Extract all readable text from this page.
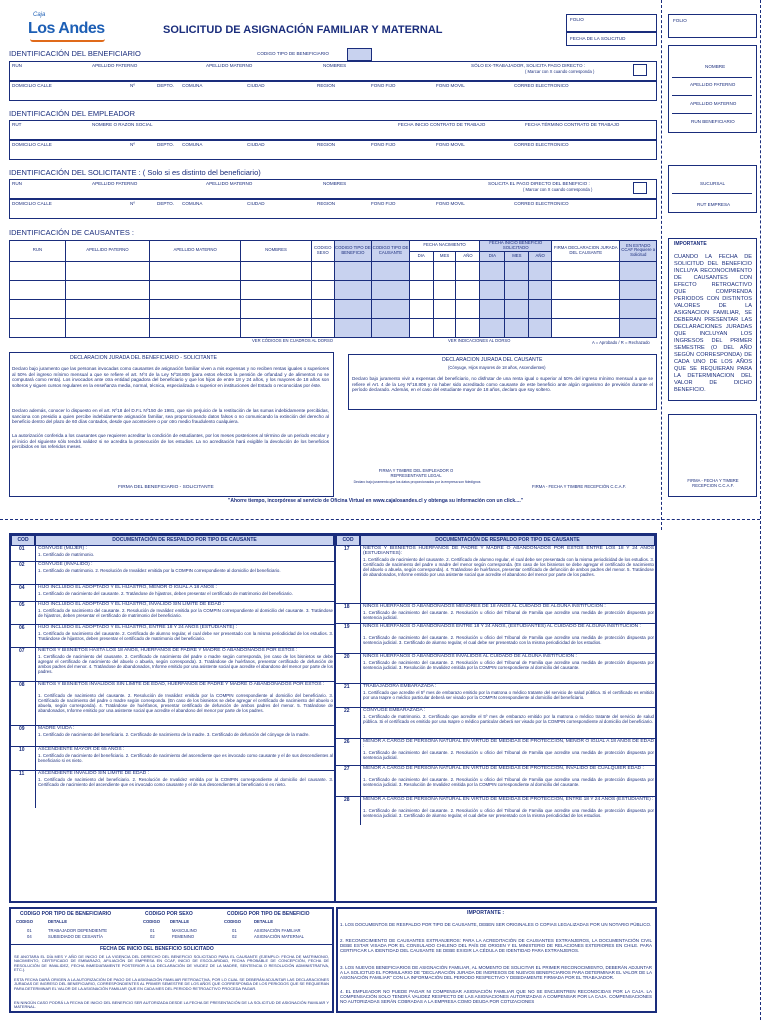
Caja
Los Andes	SOLICITUD DE ASIGNACIÓN FAMILIAR Y MATERNAL
FOLIO
FECHA DE LA SOLICITUD
FOLIO
NOMBRE
APELLIDO PATERNO
APELLIDO MATERNO
RUN BENEFICIARIO
SUCURSAL
RUT EMPRESA
IMPORTANTE
CUANDO LA FECHA DE SOLICITUD DEL BENEFICIO INCLUYA RECONOCIMIENTO DE CAUSANTES CON EFECTO RETROACTIVO QUE COMPRENDA PERIODOS CON DISTINTOS VALORES DE LA ASIGNACION FAMILIAR, SE DEBERAN PRESENTAR LAS DECLARACIONES JURADAS QUE INCLUYAN LOS INGRESOS DEL PRIMER SEMESTRE (O DEL AÑO SEGÚN CORRESPONDA) DE CADA UNO DE LOS AÑOS QUE SE REQUIERAN PARA LA DETERMINACION DEL VALOR DE DICHO BENEFICIO.
FIRMA - FECHA Y TIMBRE RECEPCION C.C.A.F.
IDENTIFICACIÓN DEL BENEFICIARIO	CODIGO TIPO DE BENEFICIARIO
RUN	APELLIDO PATERNO	APELLIDO MATERNO	NOMBRES	SÓLO EX-TRABAJADOR, SOLICITA PAGO DIRECTO :
( Marcar con X cuando corresponda )
DOMICILIO CALLE	Nº	DEPTO. COMUNA	CIUDAD	REGION	FONO FIJO	FONO MOVIL	CORREO ELECTRONICO
IDENTIFICACIÓN DEL EMPLEADOR
RUT	NOMBRE O RAZON SOCIAL	FECHA INICIO CONTRATO DE TRABAJO	FECHA TÉRMINO CONTRATO DE TRABAJO
DOMICILIO CALLE	Nº	DEPTO. COMUNA	CIUDAD	REGION	FONO FIJO	FONO MOVIL	CORREO ELECTRONICO
IDENTIFICACIÓN DEL SOLICITANTE : ( Solo si es distinto del beneficiario)
RUN	APELLIDO PATERNO	APELLIDO MATERNO	NOMBRES	SOLICITA EL PAGO DIRECTO DEL BENEFICIO :
( Marcar con X cuando corresponda )
DOMICILIO CALLE	Nº	DEPTO. COMUNA	CIUDAD	REGION	FONO FIJO	FONO MOVIL	CORREO ELECTRONICO
IDENTIFICACIÓN DE CAUSANTES :
RUN	APELLIDO PATERNO	APELLIDO MATERNO	NOMBRES	CODIGO SEXO	CODIGO TIPO DE BENEFICIO	CODIGO TIPO DE CAUSANTE	FECHA NACIMIENTO			FECHA INICIO BENEFICIO SOLICITADO			FIRMA DECLARACION JURADA DEL CAUSANTE	EN ESTADO CCAF Requiere a Solicitud
							DIA	MES	AÑO	DIA	MES	AÑO		

VER CÓDIGOS EN CUADROS AL DORSO	VER INDICACIONES AL DORSO	A = Aprobado / R = Rechazado
DECLARACION JURADA DEL BENEFICIARIO - SOLICITANTE
Declaro bajo juramento que las personas invocadas como causantes de asignación familiar viven a mis expensas y no reciben rentas iguales o superiores al 50% del ingreso mínimo mensual a que se refiere el art. Nº4 de la Ley Nº18.806 (para estos efectos la pensión de orfandad y de alimentos no se computará como renta). Los invocados ante otra entidad pagadora del beneficiario y que los hijos de entre 18 y 24 años, y los mayores de 18 años son solteros y siguen cursos regulares en la enseñanza media, normal, técnica, especializada o superior en instituciones del Estado o reconocidas por éste.
Declaro además, conocer lo dispuesto en el art. Nº18 del D.F.L Nº150 de 1981, que sin perjuicio de la restitución de las sumas indebidamente percibidas, sanciona con presidio a quien percibe indebidamente asignación familiar, sea proporcionando datos falsos o no comunicando la extinción del derecho al beneficio dentro del plazo de 60 días contados, desde que aconteciere o por otro medio fraudulento cualquiera.
La autorización conferida a los causantes que requieren acreditar la condición de estudiantes, por los meses posteriores al término de un periodo escolar y el inicio del siguiente sólo tendrá validez si se acredita la prosecución de los estudios. La no acreditación hará exigible la devolución de los beneficios percibidos en los referidos meses.
FIRMA DEL BENEFICIARIO - SOLICITANTE
DECLARACION JURADA DEL CAUSANTE
(Cónyuge, Hijos mayores de 18 años, Ascendientes)
Declaro bajo juramento vivir a expensas del beneficiario, no disfrutar de una renta igual o superior al 50% del ingreso mínimo mensual a que se refiere el Art. 4 de la Ley Nº18.806 y no haber sido acreditado como causante de este beneficio ante algún organismo de previsión durante el período declarado. Además, en el caso del estudiante mayor de 18 años, declaro que soy soltero.
FIRMA Y TIMBRE DEL EMPLEADOR O REPRESENTANTE LEGAL
Declaro bajo juramento que los datos proporcionados por la empresa son fidedignos
FIRMA - FECHA Y TIMBRE RECEPCIÓN C.C.A.F.
"Ahorre tiempo, incorpórese al servicio de Oficina Virtual en www.cajalosandes.cl y obtenga su información con un click...."
COD	DOCUMENTACIÓN DE RESPALDO POR TIPO DE CAUSANTE	COD	DOCUMENTACIÓN DE RESPALDO POR TIPO DE CAUSANTE
01	CONYUGE (MUJER) :
1. Certificado de matrimonio.
02	CONYUGE (INVALIDO) :
1. Certificado de matrimonio. 2. Resolución de Invalidez emitida por la COMPIN correspondiente al domicilio del beneficiario.
04	HIJO INCLUIDO EL ADOPTADO Y EL HIJASTRO, MENOR O IGUAL A 18 AÑOS :
1. Certificado de nacimiento del causante. 2. Tratándose de hijastros, deben presentar el certificado de matrimonio del beneficiario.
05	HIJO INCLUIDO EL ADOPTADO Y EL HIJASTRO, INVALIDO SIN LIMITE DE EDAD :
1. Certificado de nacimiento del causante. 2. Resolución de Invalidez emitida por la COMPIN correspondiente al domicilio del causante. 3. Tratándose de hijastros, deben presentar el certificado de matrimonio del beneficiario.
06	HIJO INCLUIDO EL ADOPTADO Y EL HIJASTRO, ENTRE 18 Y 24 AÑOS (ESTUDIANTE) :
1. Certificado de nacimiento del causante. 2. Certificado de alumno regular, el cual debe ser presentado con la misma periodicidad de los estudios. 3. Tratándose de hijastros, deben presentar el certificado de matrimonio del beneficiario.
07	NIETOS Y BISNIETOS HASTA LOS 18 AÑOS, HUERFANOS DE PADRE Y MADRE O ABANDONADOS POR ESTOS :
1. Certificado de nacimiento del causante. 2. Certificado de nacimiento del padre o madre según corresponda, (en caso de los bisnietos se debe agregar el certificado de nacimiento del abuelo o abuela, según corresponda). 3. Tratándose de huérfanos, presentar certificado de defunción de ambos padres del menor. 4. Tratándose de abandonados, Informe emitido por una asistente social que acredite el abandono del menor por parte de los padres.
08	NIETOS Y BISNIETOS INVALIDOS SIN LIMITE DE EDAD, HUERFANOS DE PADRE Y MADRE O ABANDONADOS POR ESTOS :
1. Certificado de nacimiento del causante. 2. Resolución de Invalidez emitida por la COMPIN correspondiente al domicilio del beneficiario. 3. Certificado de nacimiento del padre o madre según corresponda. (En caso de los bisnietos se debe agregar el certificado de nacimiento del abuelo o abuela, según corresponda). 4. Tratándose de huérfanos, presentar certificado de defunción de ambos padres del menor. 5. Tratándose de abandonados, Informe emitido por una asistente social que acredite el abandono del menor por parte de los padres.
09	MADRE VIUDA :
1. Certificado de nacimiento del beneficiario. 2. Certificado de nacimiento de la madre. 3. Certificado de defunción del cónyuge de la madre.
10	ASCENDIENTE MAYOR DE 65 AÑOS :
1. Certificado de nacimiento del beneficiario. 2. Certificado de nacimiento del ascendiente que es invocado como causante y el de sus descendientes al beneficiario si es nieto.
11	ASCENDIENTE INVALIDO SIN LIMITE DE EDAD :
1. Certificado de nacimiento del beneficiario. 2. Resolución de Invalidez emitida por la COMPIN correspondiente al domicilio del causante. 3. Certificado de nacimiento del ascendiente que es invocado como causante y el de sus descendientes al beneficiario si es nieto.
17	NIETOS Y BISNIETOS HUERFANOS DE PADRE Y MADRE O ABANDONADOS POR ESTOS ENTRE LOS 18 Y 24 AÑOS (ESTUDIANTES):
1. Certificado de nacimiento del causante. 2. Certificado de alumno regular, el cual debe ser presentado con la misma periodicidad de los estudios. 3. Certificado de nacimiento del padre o madre del menor según corresponda. (En caso de los bisnietos se debe agregar el certificado de nacimiento del abuelo o abuela, según corresponda). 4. Tratándose de huérfanos, presentar certificado de defunción de ambos padres del menor. 5. Tratándose de abandonados, Informe emitido por una asistente social que acredite el abandono del menor por parte de los padres.
18	NIÑOS HUERFANOS O ABANDONADOS MENORES DE 18 AÑOS AL CUIDADO DE ALGUNA INSTITUCION :
1. Certificado de nacimiento del causante. 2. Resolución u oficio del Tribunal de Familia que acredite una medida de protección dispuesta por sentencia judicial.
19	NIÑOS HUERFANOS O ABANDONADOS ENTRE 18 Y 24 AÑOS, (ESTUDIANTES) AL CUIDADO DE ALGUNA INSTITUCION :
1. Certificado de nacimiento del causante. 2. Resolución u oficio del Tribunal de Familia que acredite una medida de protección dispuesta por sentencia judicial. 3. Certificado de alumno regular, el cual debe ser presentado con la misma periodicidad de los estudios.
20	NIÑOS HUERFANOS O ABANDONADOS INVALIDOS AL CUIDADO DE ALGUNA INSTITUCION :
1. Certificado de nacimiento del causante. 2. Resolución u oficio del Tribunal de Familia que acredite una medida de protección dispuesta por sentencia judicial. 3. Resolución de Invalidez emitida por la COMPIN correspondiente al domicilio del causante.
21	TRABAJADORA EMBARAZADA :
1. Certificado que acredite el 5º mes de embarazo emitido por la matrona o médico tratante del servicio de salud pública. Si el certificado es emitido por una Isapre o médico particular deberá ser visado por la COMPIN correspondiente al domicilio del beneficiario.
22	CONYUGE EMBARAZADA :
1. Certificado de matrimonio. 2. Certificado que acredite el 5º mes de embarazo emitido por la matrona o médico tratante del servicio de salud pública. Si el certificado es emitido por una Isapre o médico particular deberá ser visado por la COMPIN correspondiente al domicilio del beneficiario.
26	MENOR A CARGO DE PERSONA NATURAL EN VIRTUD DE MEDIDAS DE PROTECCION, MENOR O IGUAL A 18 AÑOS DE EDAD :
1. Certificado de nacimiento del causante. 2. Resolución u oficio del Tribunal de Familia que acredite una medida de protección dispuesta por sentencia judicial.
27	MENOR A CARGO DE PERSONA NATURAL EN VIRTUD DE MEDIDAS DE PROTECCION, INVALIDO DE CUALQUIER EDAD :
1. Certificado de nacimiento del causante. 2. Resolución u oficio del Tribunal de Familia que acredite una medida de protección dispuesta por sentencia judicial. 3. Resolución de Invalidez emitida por la COMPIN correspondiente al domicilio del causante.
28	MENOR A CARGO DE PERSONA NATURAL EN VIRTUD DE MEDIDAS DE PROTECCION, ENTRE 18 Y 24 AÑOS (ESTUDIANTE) :
1. Certificado de nacimiento del causante. 2. Resolución u oficio del Tribunal de Familia que acredite una medida de protección dispuesta por sentencia judicial. 3. Certificado de alumno regular, el cual debe ser presentado con la misma periodicidad de los estudios.
CODIGO POR TIPO DE BENEFICIARIO	CODIGO POR SEXO	CODIGO POR TIPO DE BENEFICIO
CODIGO	DETALLE	CODIGO DETALLE	CODIGO	DETALLE
01	TRABAJADOR DEPENDIENTE
04	SUBSIDIADO DE CESANTÍA
01	MASCULINO
02	FEMENINO
01	ASIGNACIÓN FAMILIAR
02	ASIGNACIÓN MATERNAL
FECHA DE INICIO DEL BENEFICIO SOLICITADO
SE ANOTARA EL DÍA MES Y AÑO DE INICIO DE LA VIGENCIA DEL DERECHO DEL BENEFICIO SOLICITADO PARA EL CAUSANTE (EJEMPLO: FECHA DE MATRIMONIO, NACIMIENTO, CERTIFICADO DE EMBARAZO, AFILIACIÓN DE EMPRESA EN CCAF, INICIO DE ESCOLARIDAD, FECHA PROBABLE DE CONCEPCIÓN, FECHA DE RESOLUCIÓN DE INVALIDEZ, FECHA INMEDIATAMENTE POSTERIOR A LA DECLARACIÓN DE VIUDEZ DE LA MADRE, SENTENCIA O RESOLUCIÓN ADMINISTRATIVA, ETC.).
ESTA FECHA DARÁ ORIGEN A LA AUTORIZACIÓN DE PAGO DE LA ASIGNACIÓN FAMILIAR RETROACTIVA, POR LO CUAL SE DEBERÁN ADJUNTAR LAS DECLARACIONES JURADAS DE INGRESO DEL BENEFICIARIO, CORRESPONDIENTES AL PRIMER SEMESTRE DE LOS AÑOS QUE CORRESPONDA DE LOS PERIODOS QUE SE REQUIERAN PARA DETERMINAR EL VALOR DE LA ASIGNACIÓN FAMILIAR QUE EN CADA MES DEL PERIODO RETROACTIVO PROCEDA PAGAR.
EN NINGÚN CASO PODRÁ LA FECHA DE INICIO DEL BENEFICIO SER AUTORIZADA DESDE LA FECHA DE PRESENTACIÓN DE LA SOLICITUD DE ASIGNACIÓN FAMILIAR Y MATERNAL.
IMPORTANTE :
1. LOS DOCUMENTOS DE RESPALDO POR TIPO DE CAUSANTE, DEBEN SER ORIGINALES O COPIAS LEGALIZADAS POR UN NOTARIO PÚBLICO.
2. RECONOCIMIENTO DE CAUSANTES EXTRANJEROS: PARA LA ACREDITACIÓN DE CAUSANTES EXTRANJEROS, LA DOCUMENTACIÓN CIVIL DEBE ESTAR VISADA POR EL CONSULADO CHILENO DEL PAÍS DE ORIGEN Y EL MINISTERIO DE RELACIONES EXTERIORES EN CHILE. PARA CERTIFICAR LA IDENTIDAD DEL CAUSANTE SE DEBE EXIGIR LA CÉDULA DE IDENTIDAD PARA EXTRANJEROS.
3. LOS NUEVOS BENEFICIARIOS DE ASIGNACIÓN FAMILIAR, AL MOMENTO DE SOLICITAR EL PRIMER RECONOCIMIENTO, DEBERÁN ADJUNTAR A LA SOLICITUD EL FORMULARIO DE "DECLARACIÓN JURADA DE INGRESOS DE NUEVOS BENEFICIARIOS PARA DETERMINAR EL VALOR DE LA ASIGNACIÓN FAMILIAR" CON LA INFORMACIÓN DEL PERIODO RESPECTIVO Y DEBIDAMENTE FIRMADA POR EL TRABAJADOR.
4. EL EMPLEADOR NO PUEDE PAGAR NI COMPENSAR ASIGNACIÓN FAMILIAR QUE NO SE ENCUENTREN RECONOCIDAS POR LA CAJA. LA COMPENSACIÓN SOLO TENDRÁ VALIDEZ RESPECTO DE LAS ASIGNACIONES AUTORIZADAS A COMPENSAR POR LA CAJA. COMPENSACIONES NO AUTORIZADAS SERÁN COBRADAS A LA EMPRESA COMO DEUDA POR COTIZACIONES
